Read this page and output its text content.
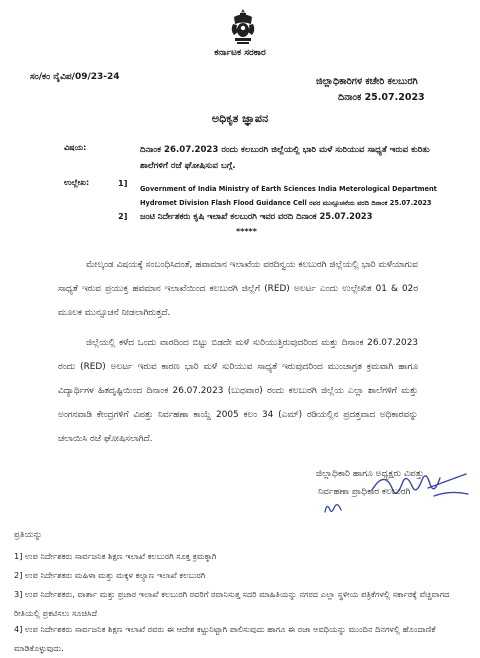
ಕರ್ನಾಟಕ ಸರಕಾರ
ಸಂ/ಕಂ ನೈವಿಪ/09/23-24	ಜಿಲ್ಲಾಧಿಕಾರಿಗಳ ಕಚೇರಿ ಕಲಬುರಗಿ
ದಿನಾಂಕ 25.07.2023
ಅಧಿಕೃತ ಜ್ಞಾಪನ
ವಿಷಯ:	ದಿನಾಂಕ 26.07.2023 ರಂದು ಕಲಬುರಗಿ ಜಿಲ್ಲೆಯಲ್ಲಿ ಭಾರಿ ಮಳೆ ಸುರಿಯುವ ಸಾಧ್ಯತೆ ಇರುವ ಕುರಿತು ಶಾಲೆಗಳಿಗೆ ರಜೆ ಘೋಷಿಸುವ ಬಗ್ಗೆ.
ಉಲ್ಲೇಖ:	1]
Government of India Ministry of Earth Sciences India Meterological Department Hydromet Division Flash Flood Guidance Cell ರವರ ಮುನ್ಸೂಚನೆಯ ವರದಿ ದಿನಾಂಕ 25.07.2023
2] ಜಂಟಿ ನಿರ್ದೇಶಕರು ಕೃಷಿ ಇಲಾಖೆ ಕಲಬುರಗಿ ಇವರ ವರದಿ ದಿನಾಂಕ 25.07.2023
*****
ಮೇಲ್ಕಂಡ ವಿಷಯಕ್ಕೆ ಸಂಬಂಧಿಸಿದಂತೆ, ಹವಾಮಾನ ಇಲಾಖೆಯ ವರದಿನ್ವಯ ಕಲಬುರಗಿ ಜಿಲ್ಲೆಯಲ್ಲಿ ಭಾರಿ ಮಳೆಯಾಗುವ ಸಾಧ್ಯತೆ ಇರುವ ಪ್ರಯುಕ್ತ ಹವಮಾನ ಇಲಾಖೆಯಿಂದ ಕಲಬುರಗಿ ಜಿಲ್ಲೆಗೆ (RED) ಅಲರ್ಟ ಎಂದು ಉಲ್ಲೇಖಿತ 01 & 02ರ ಮೂಲಕ ಮುನ್ಸೂಚನೆ ನೀಡಲಾಗಿರುತ್ತದೆ.
ಜಿಲ್ಲೆಯಲ್ಲಿ ಕಳೆದ ಒಂದು ವಾರದಿಂದ ಬಿಟ್ಟು ಬಿಡದೇ ಮಳೆ ಸುರಿಯುತ್ತಿರುವುದರಿಂದ ಮತ್ತು ದಿನಾಂಕ 26.07.2023 ರಂದು (RED) ಅಲರ್ಟ ಇರುವ ಕಾರಣ ಭಾರಿ ಮಳೆ ಸುರಿಯುವ ಸಾಧ್ಯತೆ ಇರುವುದರಿಂದ ಮುಂಜಾಗ್ರತ ಕ್ರಮವಾಗಿ ಹಾಗೂ ವಿದ್ಯಾರ್ಥಿಗಳ ಹಿತದೃಷ್ಟಿಯಿಂದ ದಿನಾಂಕ 26.07.2023 (ಬುಧವಾರ) ರಂದು ಕಲಬುರಗಿ ಜಿಲ್ಲೆಯ ಎಲ್ಲಾ ಶಾಲೆಗಳಿಗೆ ಮತ್ತು ಅಂಗನವಾಡಿ ಕೇಂದ್ರಗಳಿಗೆ ವಿಪತ್ತು ನಿರ್ವಹಣಾ ಕಾಯ್ದೆ 2005 ಕಲಂ 34 (ಎಮ್) ರಡಿಯಲ್ಲಿನ ಪ್ರದತ್ತವಾದ ಅಧಿಕಾರವನ್ನು ಚಲಾಯಿಸಿ ರಜೆ ಘೋಷಿಸಲಾಗಿದೆ.
ಜಿಲ್ಲಾಧಿಕಾರಿ ಹಾಗೂ ಅಧ್ಯಕ್ಷರು ವಿಪತ್ತು
ನಿರ್ವಹಣಾ ಪ್ರಾಧಿಕಾರ ಕಲಬುರಗಿ
ಪ್ರತಿಯನ್ನು
1] ಉಪ ನಿರ್ದೇಶಕರು ಸಾರ್ವಜನಿಕ ಶಿಕ್ಷಣ ಇಲಾಖೆ ಕಲಬುರಗಿ ಸೂಕ್ತ ಕ್ರಮಕ್ಕಾಗಿ
2] ಉಪ ನಿರ್ದೇಶಕರು ಮಹಿಳಾ ಮತ್ತು ಮಕ್ಕಳ ಕಲ್ಯಾಣ ಇಲಾಖೆ ಕಲಬುರಗಿ
3] ಉಪ ನಿರ್ದೇಶಕರು, ವಾರ್ತಾ ಮತ್ತು ಪ್ರಚಾರ ಇಲಾಖೆ ಕಲಬುರಗಿ ರವರಿಗೆ ರವಾನಿಸುತ್ತ ಸದರಿ ಮಾಹಿತಿಯನ್ನು ನಗರದ ಎಲ್ಲಾ ಸ್ಥಳೀಯ ಪತ್ರಿಕೆಗಳಲ್ಲಿ ಸರ್ಕಾರಕ್ಕೆ ವೆಚ್ಚವಾಗದ ರೀತಿಯಲ್ಲಿ ಪ್ರಕಟಿಸಲು ಸೂಚಿಸಿದೆ
4] ಉಪ ನಿರ್ದೇಶಕರು ಸಾರ್ವಜನಿಕ ಶಿಕ್ಷಣ ಇಲಾಖೆ ರವರು ಈ ಆದೇಶ ಕಟ್ಟುನಿಟ್ಟಾಗಿ ಪಾಲಿಸುವುದು ಹಾಗೂ ಈ ರಜಾ ಅವಧಿಯನ್ನು ಮುಂದಿನ ದಿನಗಳಲ್ಲಿ ಹೊಂದಾಣಿಕೆ ಮಾಡಿಕೊಳ್ಳುವುದು.
